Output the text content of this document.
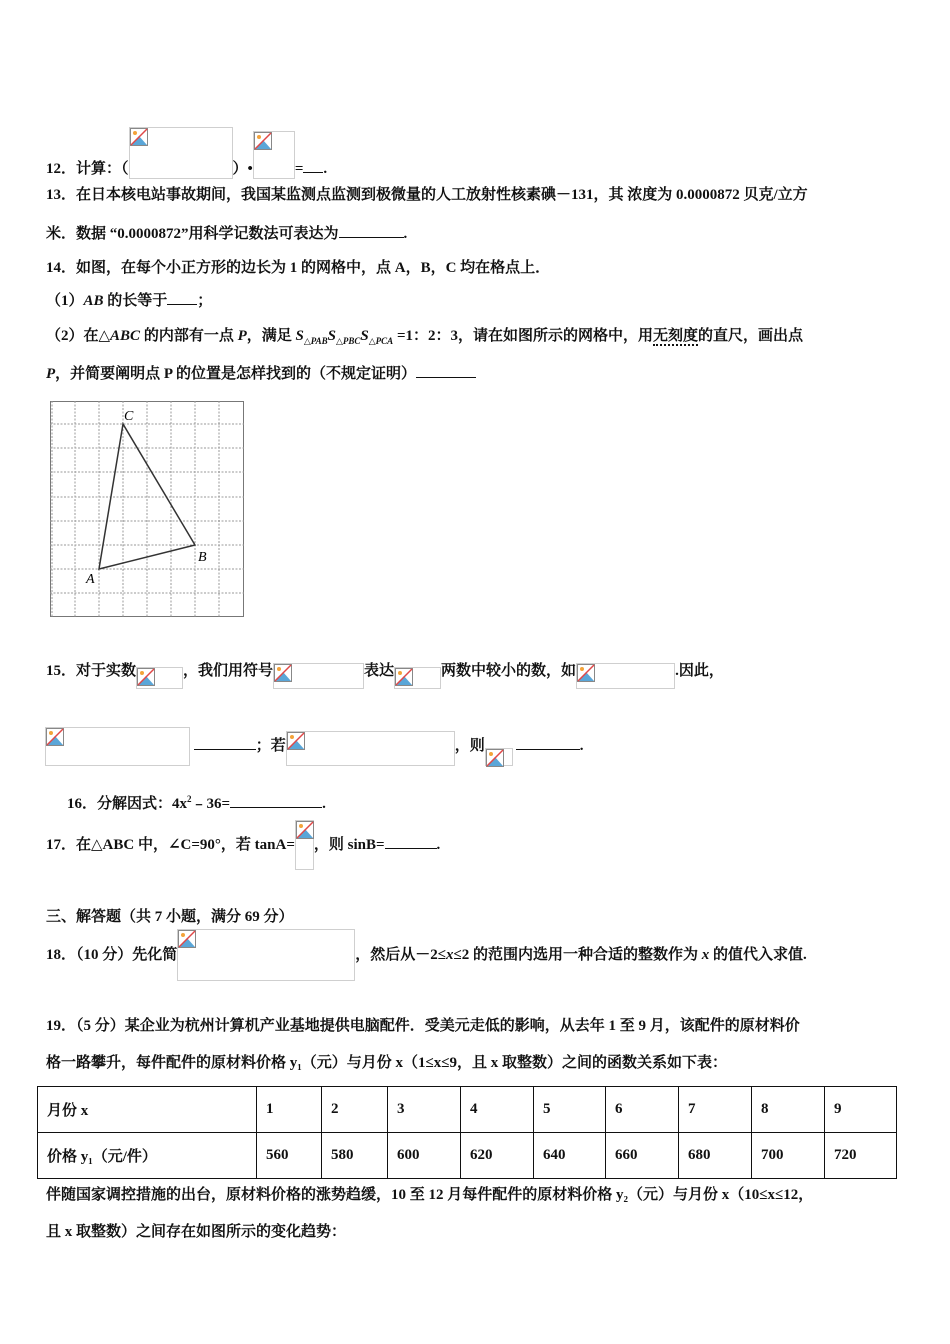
12．计算：（	）•	= .
13．在日本核电站事故期间，我国某监测点监测到极微量的人工放射性核素碘－131，其 浓度为 0.0000872 贝克/立方
米．数据 “0.0000872”用科学记数法可表达为	.
14．如图，在每个小正方形的边长为 1 的网格中，点 A，B，C 均在格点上．
（1）AB 的长等于 ；
（2）在△ABC 的内部有一点 P，满足 $S_{\triangle PAB}S_{\triangle PBC}S_{\triangle PCA} =1$：2：3，请在如图所示的网格中，用无刻度的直尺，画出点
P，并简要阐明点 P 的位置是怎样找到的（不规定证明）
A
B
C
15．对于实数	，我们用符号	表达	两数中较小的数，如	.因此，
；若	，则	.
16．分解因式：$4x^2﹣36=$	.
17．在△ABC 中，∠C=90°，若 tanA= ，则 sinB=	.
三、解答题（共 7 小题，满分 69 分）
18．（10 分）先化简	，然后从－2≤x≤2 的范围内选用一种合适的整数作为 x 的值代入求值.
19．（5 分）某企业为杭州计算机产业基地提供电脑配件．受美元走低的影响，从去年 1 至 9 月，该配件的原材料价
格一路攀升，每件配件的原材料价格 y₁（元）与月份 x（1≤x≤9，且 x 取整数）之间的函数关系如下表：
月份 x	1	2	3	4	5	6	7	8	9
价格 y₁（元/件）	560	580	600	620	640	660	680	700	720
伴随国家调控措施的出台，原材料价格的涨势趋缓，10 至 12 月每件配件的原材料价格 y₂（元）与月份 x（10≤x≤12，
且 x 取整数）之间存在如图所示的变化趋势：
